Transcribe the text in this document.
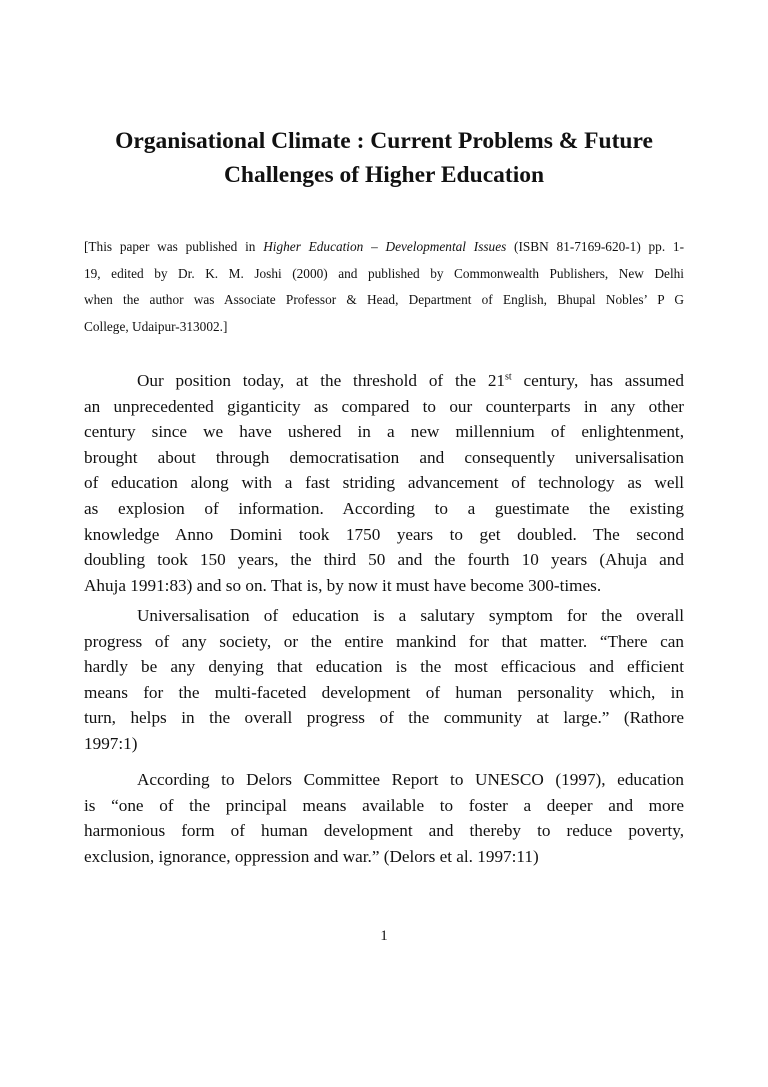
Organisational Climate : Current Problems & Future
Challenges of Higher Education
[This paper was published in Higher Education – Developmental Issues (ISBN 81-7169-620-1) pp. 1-
19, edited by Dr. K. M. Joshi (2000) and published by Commonwealth Publishers, New Delhi
when the author was Associate Professor & Head, Department of English, Bhupal Nobles’ P G
College, Udaipur-313002.]
Our position today, at the threshold of the 21st century, has assumed
an unprecedented giganticity as compared to our counterparts in any other
century since we have ushered in a new millennium of enlightenment,
brought about through democratisation and consequently universalisation
of education along with a fast striding advancement of technology as well
as explosion of information. According to a guestimate the existing
knowledge Anno Domini took 1750 years to get doubled. The second
doubling took 150 years, the third 50 and the fourth 10 years (Ahuja and
Ahuja 1991:83) and so on. That is, by now it must have become 300-times.
Universalisation of education is a salutary symptom for the overall
progress of any society, or the entire mankind for that matter. “There can
hardly be any denying that education is the most efficacious and efficient
means for the multi-faceted development of human personality which, in
turn, helps in the overall progress of the community at large.” (Rathore
1997:1)
According to Delors Committee Report to UNESCO (1997), education
is “one of the principal means available to foster a deeper and more
harmonious form of human development and thereby to reduce poverty,
exclusion, ignorance, oppression and war.” (Delors et al. 1997:11)
1
